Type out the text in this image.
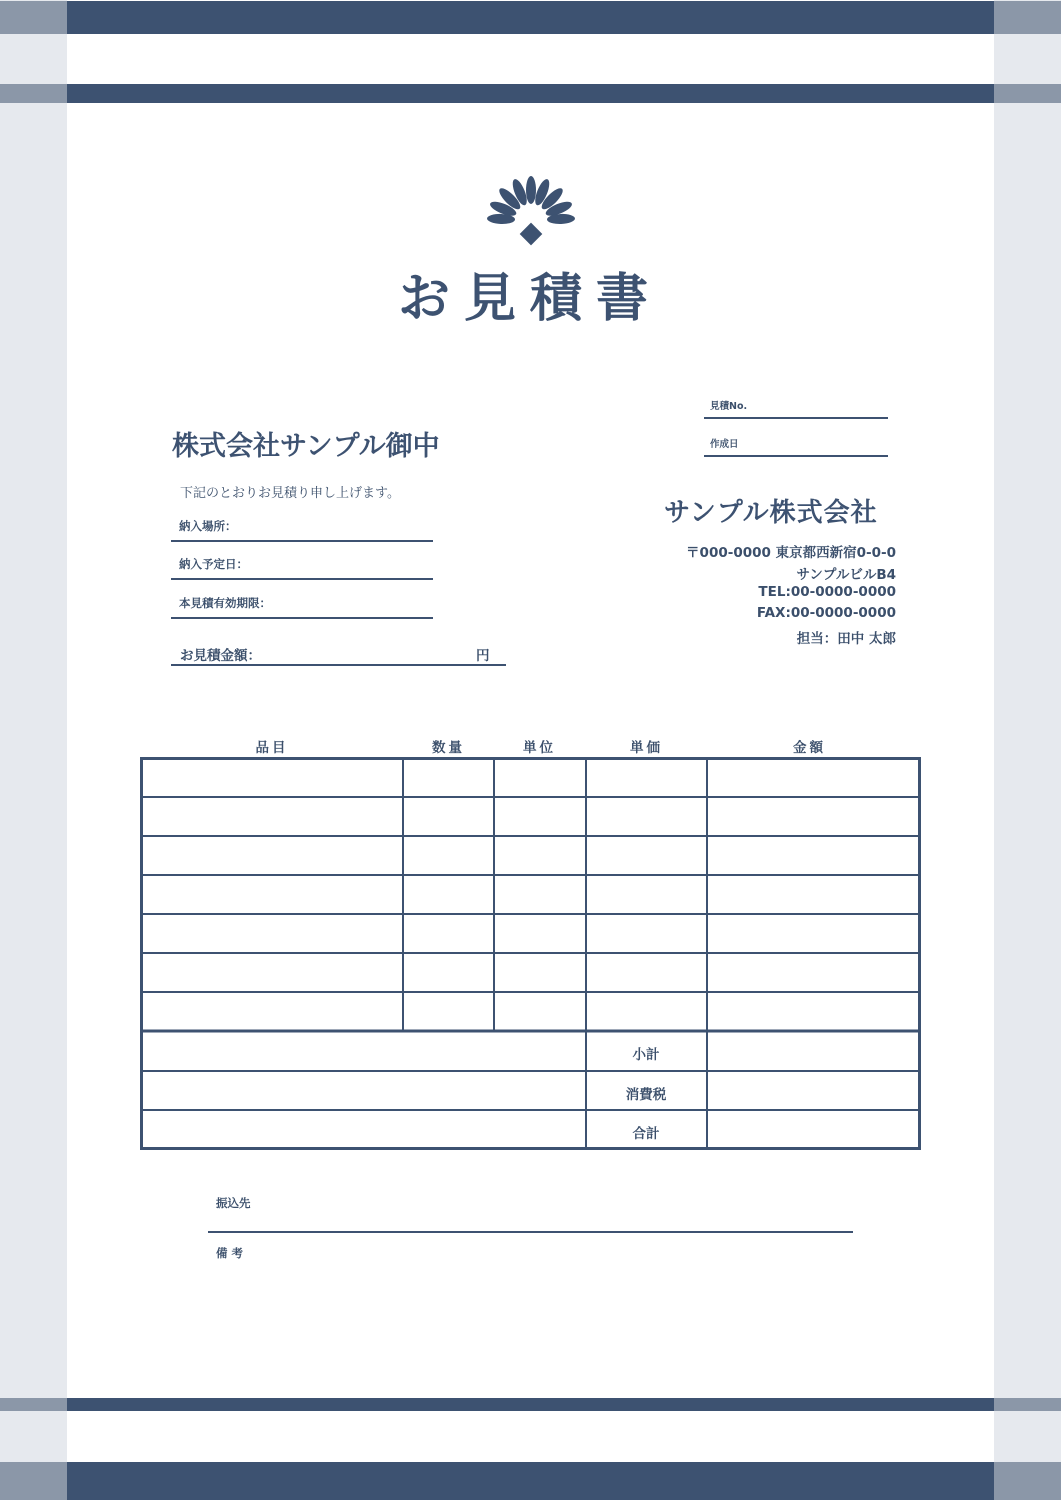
お見積書
株式会社サンプル御中
下記のとおりお見積り申し上げます。
納入場所：
納入予定日：
本見積有効期限：
お見積金額：	円
見積No.
作成日
サンプル株式会社
〒000-0000 東京都西新宿0-0-0
サンプルビルB4
TEL:00-0000-0000
FAX:00-0000-0000
担当：田中 太郎
品目	数量	単位	単価	金額
小計
消費税
合計
振込先
備 考
